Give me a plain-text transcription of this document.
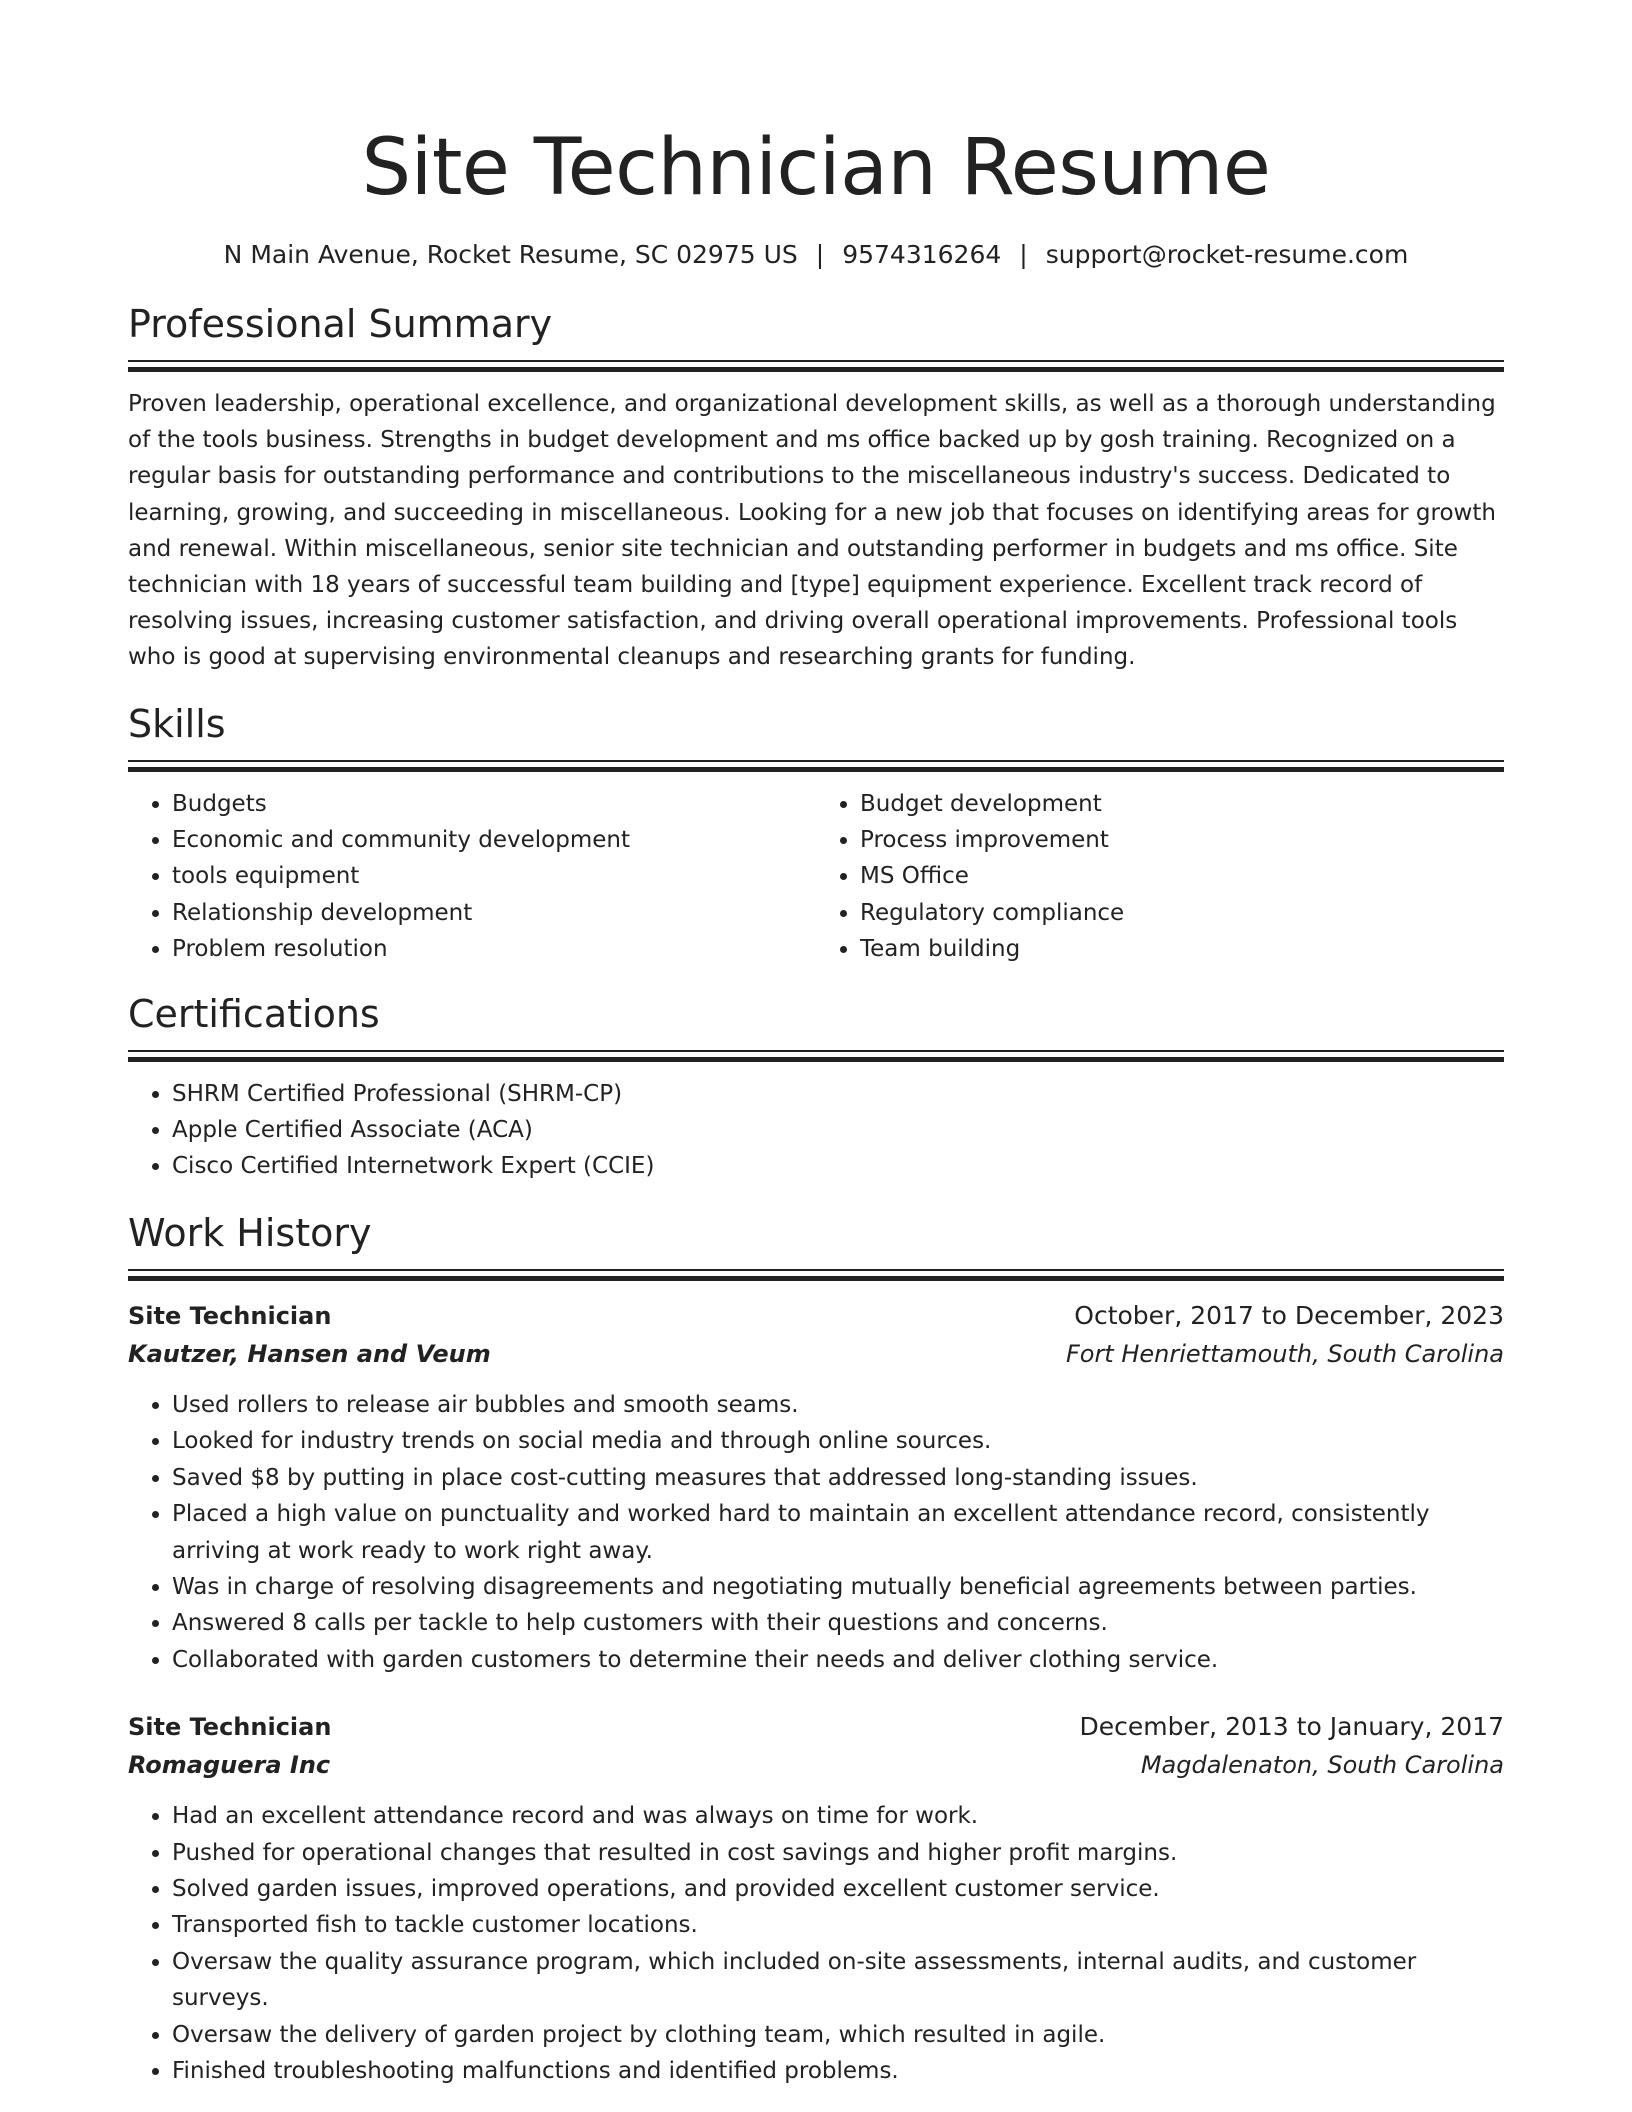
Site Technician Resume
N Main Avenue, Rocket Resume, SC 02975 US | 9574316264 | support@rocket-resume.com
Professional Summary

Proven leadership, operational excellence, and organizational development skills, as well as a thorough understanding of the tools business. Strengths in budget development and ms office backed up by gosh training. Recognized on a regular basis for outstanding performance and contributions to the miscellaneous industry's success. Dedicated to learning, growing, and succeeding in miscellaneous. Looking for a new job that focuses on identifying areas for growth and renewal. Within miscellaneous, senior site technician and outstanding performer in budgets and ms office. Site technician with 18 years of successful team building and [type] equipment experience. Excellent track record of resolving issues, increasing customer satisfaction, and driving overall operational improvements. Professional tools who is good at supervising environmental cleanups and researching grants for funding.

Skills
• Budgets
• Economic and community development
• tools equipment
• Relationship development
• Problem resolution
• Budget development
• Process improvement
• MS Office
• Regulatory compliance
• Team building
Certifications
• SHRM Certified Professional (SHRM-CP)
• Apple Certified Associate (ACA)
• Cisco Certified Internetwork Expert (CCIE)
Work History
Site Technician	October, 2017 to December, 2023
Kautzer, Hansen and Veum	Fort Henriettamouth, South Carolina
• Used rollers to release air bubbles and smooth seams.
• Looked for industry trends on social media and through online sources.
• Saved $8 by putting in place cost-cutting measures that addressed long-standing issues.
• Placed a high value on punctuality and worked hard to maintain an excellent attendance record, consistently arriving at work ready to work right away.
• Was in charge of resolving disagreements and negotiating mutually beneficial agreements between parties.
• Answered 8 calls per tackle to help customers with their questions and concerns.
• Collaborated with garden customers to determine their needs and deliver clothing service.
Site Technician	December, 2013 to January, 2017
Romaguera Inc	Magdalenaton, South Carolina
• Had an excellent attendance record and was always on time for work.
• Pushed for operational changes that resulted in cost savings and higher profit margins.
• Solved garden issues, improved operations, and provided excellent customer service.
• Transported fish to tackle customer locations.
• Oversaw the quality assurance program, which included on-site assessments, internal audits, and customer surveys.
• Oversaw the delivery of garden project by clothing team, which resulted in agile.
• Finished troubleshooting malfunctions and identified problems.
